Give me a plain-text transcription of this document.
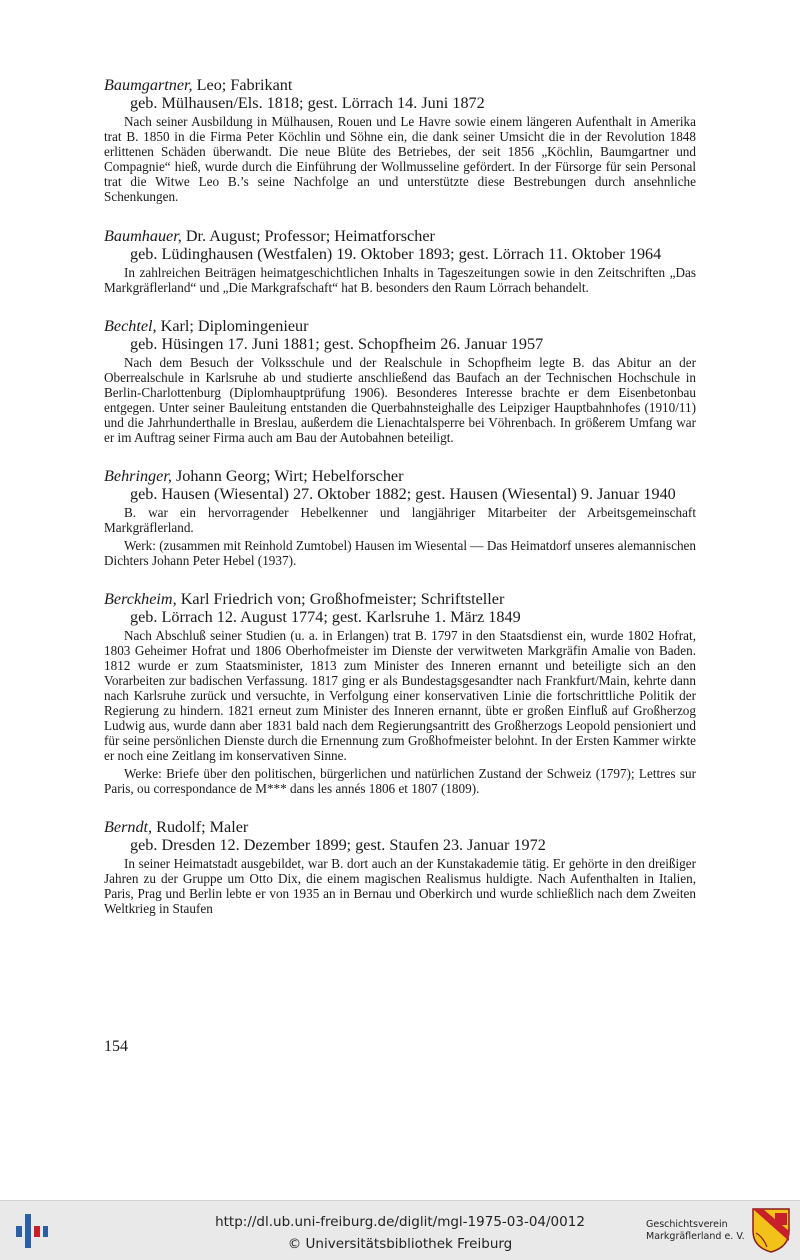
Baumgartner, Leo; Fabrikant
geb. Mülhausen/Els. 1818; gest. Lörrach 14. Juni 1872

Nach seiner Ausbildung in Mülhausen, Rouen und Le Havre sowie einem längeren Aufenthalt in Amerika trat B. 1850 in die Firma Peter Köchlin und Söhne ein, die dank seiner Umsicht die in der Revolution 1848 erlittenen Schäden überwandt. Die neue Blüte des Betriebes, der seit 1856 „Köchlin, Baumgartner und Compagnie“ hieß, wurde durch die Einführung der Wollmusseline gefördert. In der Fürsorge für sein Personal trat die Witwe Leo B.’s seine Nachfolge an und unterstützte diese Bestrebungen durch ansehnliche Schenkungen.

Baumhauer, Dr. August; Professor; Heimatforscher
geb. Lüdinghausen (Westfalen) 19. Oktober 1893; gest. Lörrach 11. Oktober 1964

In zahlreichen Beiträgen heimatgeschichtlichen Inhalts in Tageszeitungen sowie in den Zeitschriften „Das Markgräflerland“ und „Die Markgrafschaft“ hat B. besonders den Raum Lörrach behandelt.

Bechtel, Karl; Diplomingenieur
geb. Hüsingen 17. Juni 1881; gest. Schopfheim 26. Januar 1957

Nach dem Besuch der Volksschule und der Realschule in Schopfheim legte B. das Abitur an der Oberrealschule in Karlsruhe ab und studierte anschließend das Baufach an der Technischen Hochschule in Berlin-Charlottenburg (Diplomhauptprüfung 1906). Besonderes Interesse brachte er dem Eisenbetonbau entgegen. Unter seiner Bauleitung entstanden die Querbahnsteighalle des Leipziger Hauptbahnhofes (1910/11) und die Jahrhunderthalle in Breslau, außerdem die Lienachtalsperre bei Vöhrenbach. In größerem Umfang war er im Auftrag seiner Firma auch am Bau der Autobahnen beteiligt.

Behringer, Johann Georg; Wirt; Hebelforscher
geb. Hausen (Wiesental) 27. Oktober 1882; gest. Hausen (Wiesental) 9. Januar 1940

B. war ein hervorragender Hebelkenner und langjähriger Mitarbeiter der Arbeitsgemeinschaft Markgräflerland.

Werk: (zusammen mit Reinhold Zumtobel) Hausen im Wiesental — Das Heimatdorf unseres alemannischen Dichters Johann Peter Hebel (1937).

Berckheim, Karl Friedrich von; Großhofmeister; Schriftsteller
geb. Lörrach 12. August 1774; gest. Karlsruhe 1. März 1849

Nach Abschluß seiner Studien (u. a. in Erlangen) trat B. 1797 in den Staatsdienst ein, wurde 1802 Hofrat, 1803 Geheimer Hofrat und 1806 Oberhofmeister im Dienste der verwitweten Markgräfin Amalie von Baden. 1812 wurde er zum Staatsminister, 1813 zum Minister des Inneren ernannt und beteiligte sich an den Vorarbeiten zur badischen Verfassung. 1817 ging er als Bundestagsgesandter nach Frankfurt/Main, kehrte dann nach Karlsruhe zurück und versuchte, in Verfolgung einer konservativen Linie die fortschrittliche Politik der Regierung zu hindern. 1821 erneut zum Minister des Inneren ernannt, übte er großen Einfluß auf Großherzog Ludwig aus, wurde dann aber 1831 bald nach dem Regierungsantritt des Großherzogs Leopold pensioniert und für seine persönlichen Dienste durch die Ernennung zum Großhofmeister belohnt. In der Ersten Kammer wirkte er noch eine Zeitlang im konservativen Sinne.

Werke: Briefe über den politischen, bürgerlichen und natürlichen Zustand der Schweiz (1797); Lettres sur Paris, ou correspondance de M*** dans les annés 1806 et 1807 (1809).

Berndt, Rudolf; Maler
geb. Dresden 12. Dezember 1899; gest. Staufen 23. Januar 1972

In seiner Heimatstadt ausgebildet, war B. dort auch an der Kunstakademie tätig. Er gehörte in den dreißiger Jahren zu der Gruppe um Otto Dix, die einem magischen Realismus huldigte. Nach Aufenthalten in Italien, Paris, Prag und Berlin lebte er von 1935 an in Bernau und Oberkirch und wurde schließlich nach dem Zweiten Weltkrieg in Staufen

154
http://dl.ub.uni-freiburg.de/diglit/mgl-1975-03-04/0012
© Universitätsbibliothek Freiburg
Geschichtsverein
Markgräflerland e. V.
